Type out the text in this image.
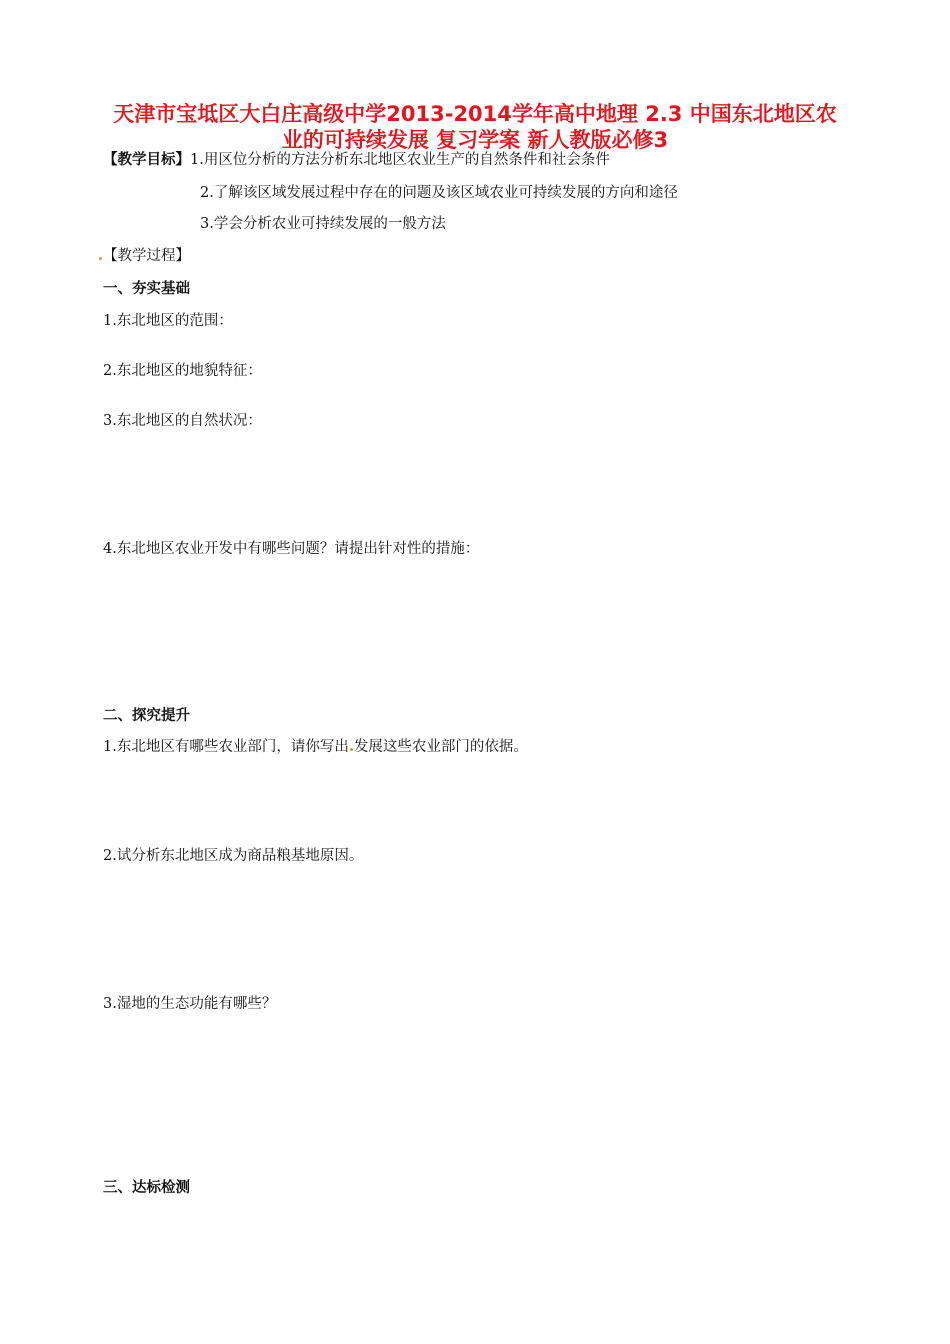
天津市宝坻区大白庄高级中学2013-2014学年高中地理 2.3 中国东北地区农
业的可持续发展 复习学案 新人教版必修3
【教学目标】1.用区位分析的方法分析东北地区农业生产的自然条件和社会条件
2.了解该区域发展过程中存在的问题及该区域农业可持续发展的方向和途径
3.学会分析农业可持续发展的一般方法
【教学过程】
一、夯实基础
1.东北地区的范围：
2.东北地区的地貌特征：
3.东北地区的自然状况：
4.东北地区农业开发中有哪些问题？请提出针对性的措施：
二、探究提升
1.东北地区有哪些农业部门，请你写出 发展这些农业部门的依据。
2.试分析东北地区成为商品粮基地原因。
3.湿地的生态功能有哪些？
三、达标检测
